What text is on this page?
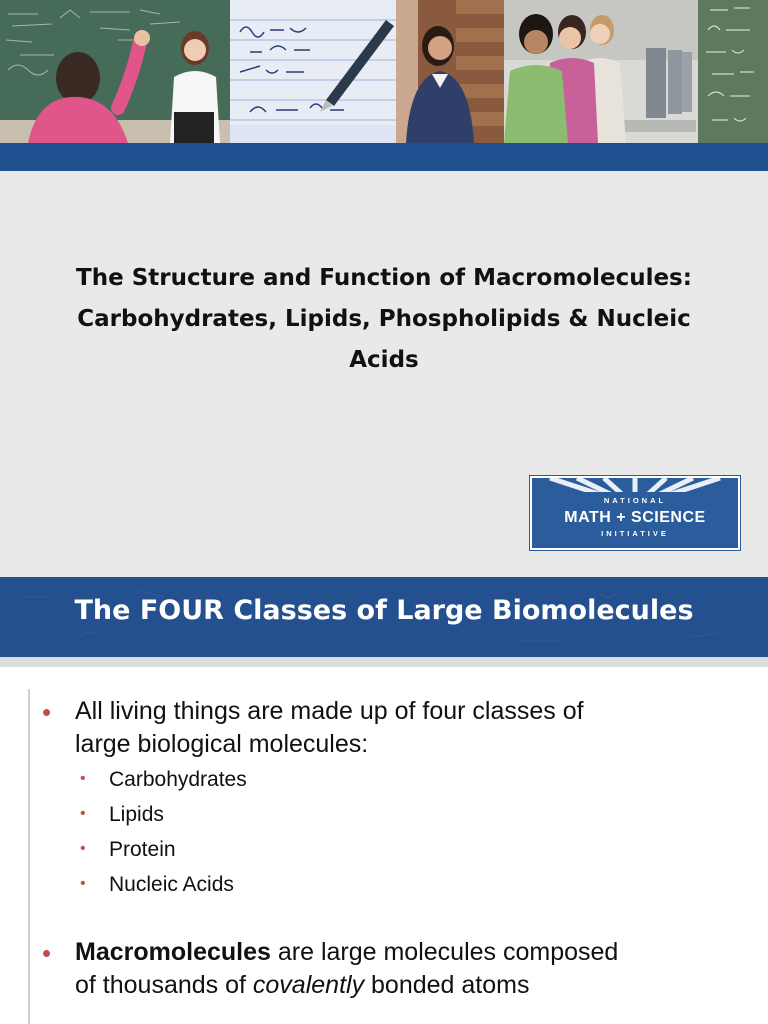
The Structure and Function of Macromolecules:
Carbohydrates, Lipids, Phospholipids & Nucleic
Acids
NATIONAL
MATH + SCIENCE
INITIATIVE
The FOUR Classes of Large Biomolecules
• All living things are made up of four classes of
large biological molecules:
• Carbohydrates
• Lipids
• Protein
• Nucleic Acids
• Macromolecules are large molecules composed
of thousands of covalently bonded atoms
